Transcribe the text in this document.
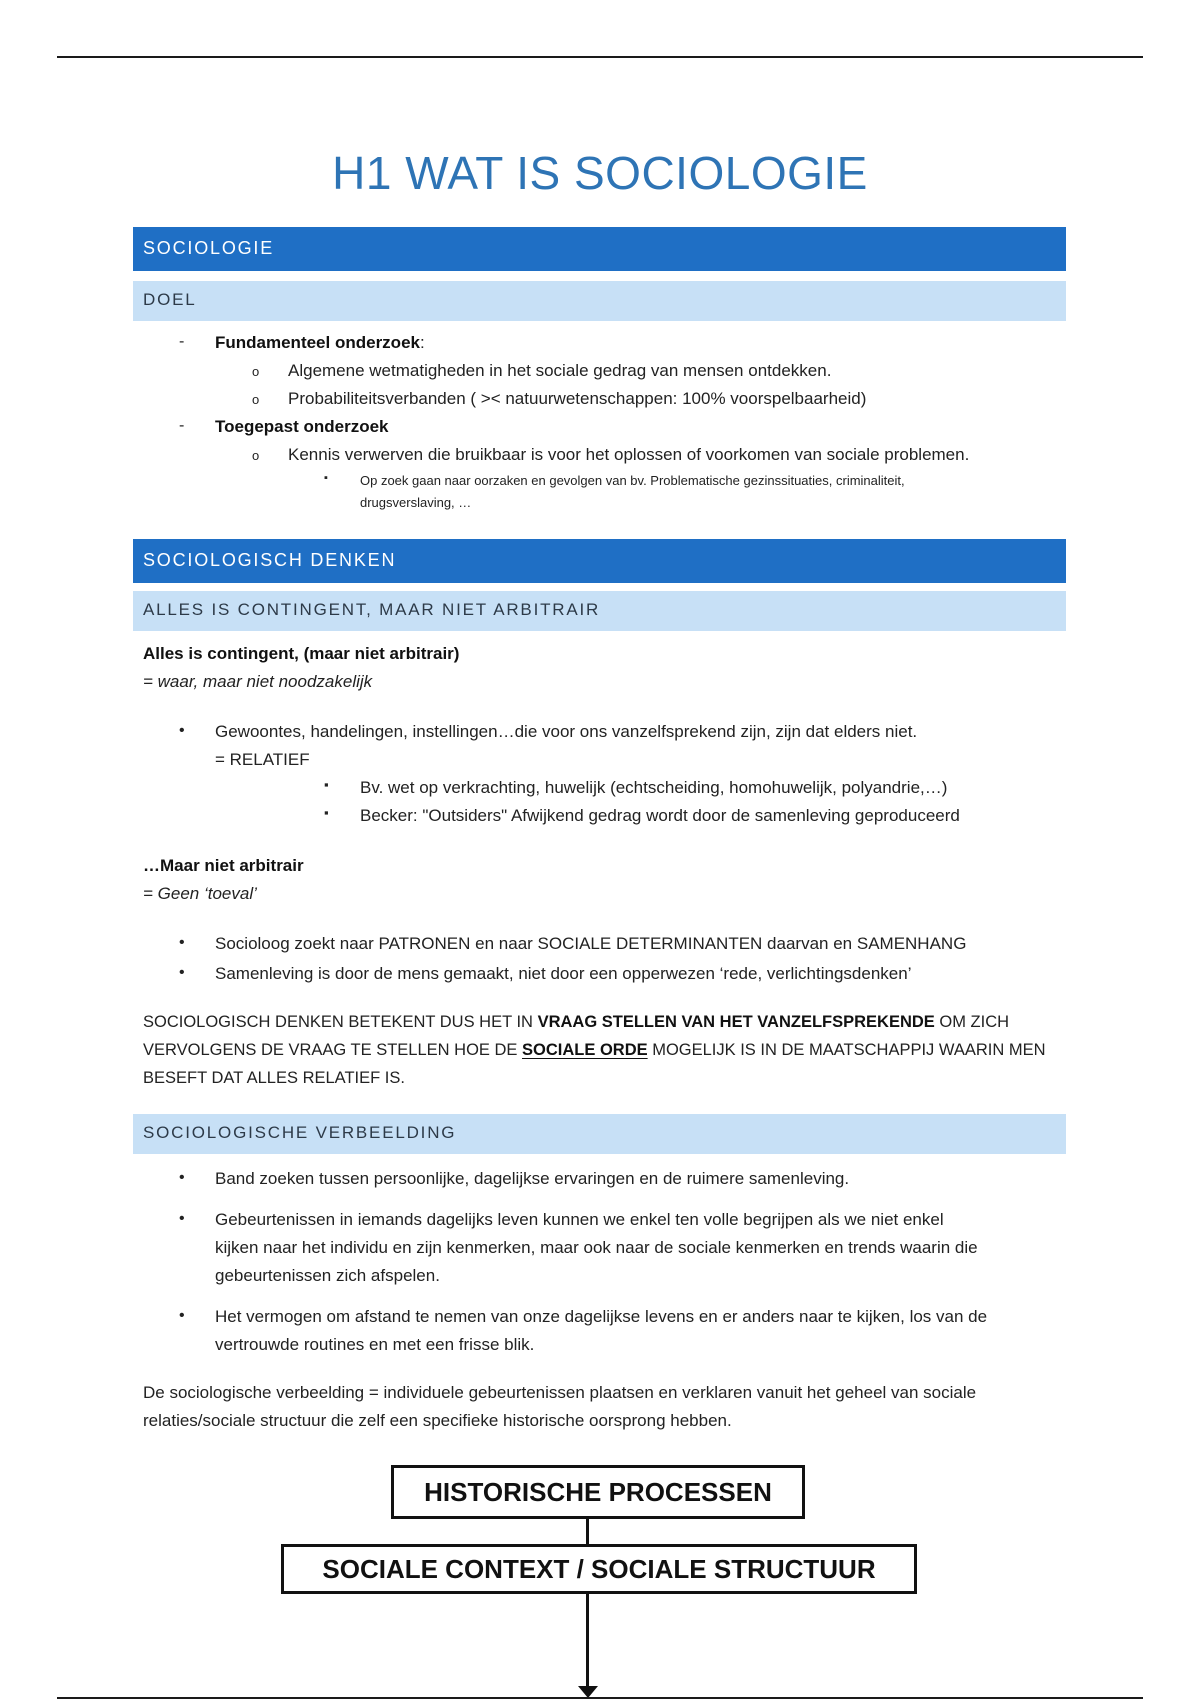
H1 WAT IS SOCIOLOGIE
SOCIOLOGIE
DOEL
- Fundamenteel onderzoek:
o Algemene wetmatigheden in het sociale gedrag van mensen ontdekken.
o Probabiliteitsverbanden ( >< natuurwetenschappen: 100% voorspelbaarheid)
- Toegepast onderzoek
o Kennis verwerven die bruikbaar is voor het oplossen of voorkomen van sociale problemen.
▪ Op zoek gaan naar oorzaken en gevolgen van bv. Problematische gezinssituaties, criminaliteit,
drugsverslaving, …
SOCIOLOGISCH DENKEN
ALLES IS CONTINGENT, MAAR NIET ARBITRAIR
Alles is contingent, (maar niet arbitrair)
= waar, maar niet noodzakelijk
• Gewoontes, handelingen, instellingen…die voor ons vanzelfsprekend zijn, zijn dat elders niet.
= RELATIEF
▪ Bv. wet op verkrachting, huwelijk (echtscheiding, homohuwelijk, polyandrie,…)
▪ Becker: "Outsiders" Afwijkend gedrag wordt door de samenleving geproduceerd
…Maar niet arbitrair
= Geen ‘toeval’
• Socioloog zoekt naar PATRONEN en naar SOCIALE DETERMINANTEN daarvan en SAMENHANG
• Samenleving is door de mens gemaakt, niet door een opperwezen ‘rede, verlichtingsdenken’
SOCIOLOGISCH DENKEN BETEKENT DUS HET IN VRAAG STELLEN VAN HET VANZELFSPREKENDE OM ZICH
VERVOLGENS DE VRAAG TE STELLEN HOE DE SOCIALE ORDE MOGELIJK IS IN DE MAATSCHAPPIJ WAARIN MEN
BESEFT DAT ALLES RELATIEF IS.
SOCIOLOGISCHE VERBEELDING
• Band zoeken tussen persoonlijke, dagelijkse ervaringen en de ruimere samenleving.
• Gebeurtenissen in iemands dagelijks leven kunnen we enkel ten volle begrijpen als we niet enkel
kijken naar het individu en zijn kenmerken, maar ook naar de sociale kenmerken en trends waarin die
gebeurtenissen zich afspelen.
• Het vermogen om afstand te nemen van onze dagelijkse levens en er anders naar te kijken, los van de
vertrouwde routines en met een frisse blik.
De sociologische verbeelding = individuele gebeurtenissen plaatsen en verklaren vanuit het geheel van sociale
relaties/sociale structuur die zelf een specifieke historische oorsprong hebben.
HISTORISCHE PROCESSEN
SOCIALE CONTEXT / SOCIALE STRUCTUUR
